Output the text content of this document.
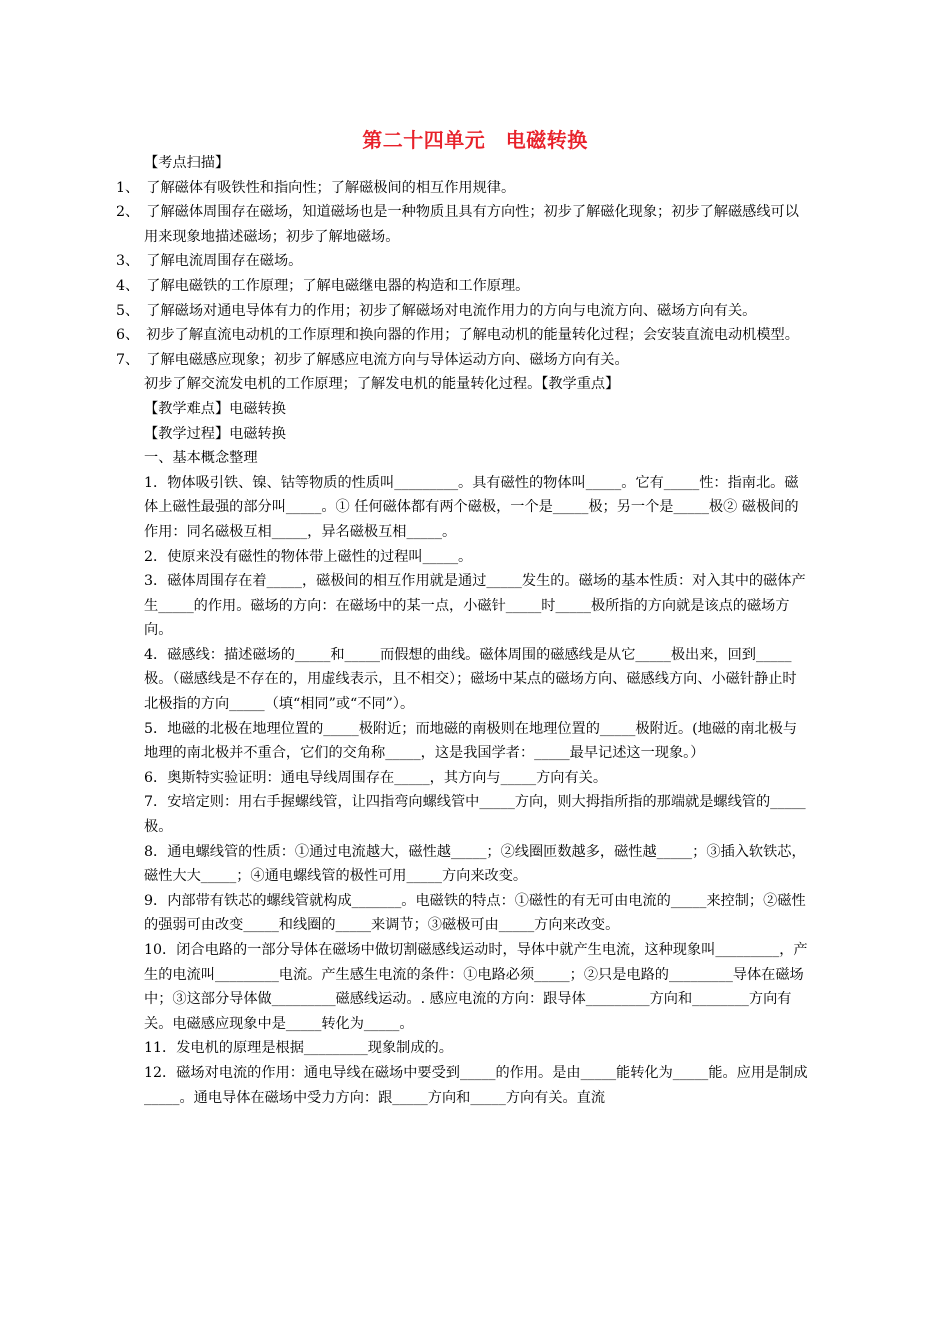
第二十四单元　电磁转换

【考点扫描】

1、　了解磁体有吸铁性和指向性；了解磁极间的相互作用规律。

2、　了解磁体周围存在磁场，知道磁场也是一种物质且具有方向性；初步了解磁化现象；初步了解磁感线可以用来现象地描述磁场；初步了解地磁场。

3、　了解电流周围存在磁场。

4、　了解电磁铁的工作原理；了解电磁继电器的构造和工作原理。

5、　了解磁场对通电导体有力的作用；初步了解磁场对电流作用力的方向与电流方向、磁场方向有关。

6、　初步了解直流电动机的工作原理和换向器的作用；了解电动机的能量转化过程；会安装直流电动机模型。

7、　了解电磁感应现象；初步了解感应电流方向与导体运动方向、磁场方向有关。

初步了解交流发电机的工作原理；了解发电机的能量转化过程。【教学重点】

【教学难点】电磁转换

【教学过程】电磁转换

一、基本概念整理

1．物体吸引铁、镍、钴等物质的性质叫_________。具有磁性的物体叫_____。它有_____性：指南北。磁体上磁性最强的部分叫_____。① 任何磁体都有两个磁极，一个是_____极；另一个是_____极② 磁极间的作用：同名磁极互相_____，异名磁极互相_____。

2．使原来没有磁性的物体带上磁性的过程叫_____。

3．磁体周围存在着_____，磁极间的相互作用就是通过_____发生的。磁场的基本性质：对入其中的磁体产生_____的作用。磁场的方向：在磁场中的某一点，小磁针_____时_____极所指的方向就是该点的磁场方向。

4．磁感线：描述磁场的_____和_____而假想的曲线。磁体周围的磁感线是从它_____极出来，回到_____极。（磁感线是不存在的，用虚线表示，且不相交）；磁场中某点的磁场方向、磁感线方向、小磁针静止时北极指的方向_____（填“相同”或“不同”）。

5．地磁的北极在地理位置的_____极附近；而地磁的南极则在地理位置的_____极附近。(地磁的南北极与地理的南北极并不重合，它们的交角称_____，这是我国学者：_____最早记述这一现象。）

6．奥斯特实验证明：通电导线周围存在_____，其方向与_____方向有关。

7．安培定则：用右手握螺线管，让四指弯向螺线管中_____方向，则大拇指所指的那端就是螺线管的_____极。

8．通电螺线管的性质：①通过电流越大，磁性越_____；②线圈匝数越多，磁性越_____；③插入软铁芯，磁性大大_____；④通电螺线管的极性可用_____方向来改变。

9．内部带有铁芯的螺线管就构成_______。电磁铁的特点：①磁性的有无可由电流的_____来控制；②磁性的强弱可由改变_____和线圈的_____来调节；③磁极可由_____方向来改变。

10．闭合电路的一部分导体在磁场中做切割磁感线运动时，导体中就产生电流，这种现象叫_________，产生的电流叫_________电流。产生感生电流的条件：①电路必须_____；②只是电路的_________导体在磁场中；③这部分导体做_________磁感线运动。. 感应电流的方向：跟导体_________方向和________方向有关。电磁感应现象中是_____转化为_____。

11．发电机的原理是根据_________现象制成的。

12．磁场对电流的作用：通电导线在磁场中要受到_____的作用。是由_____能转化为_____能。应用是制成_____。通电导体在磁场中受力方向：跟_____方向和_____方向有关。直流
